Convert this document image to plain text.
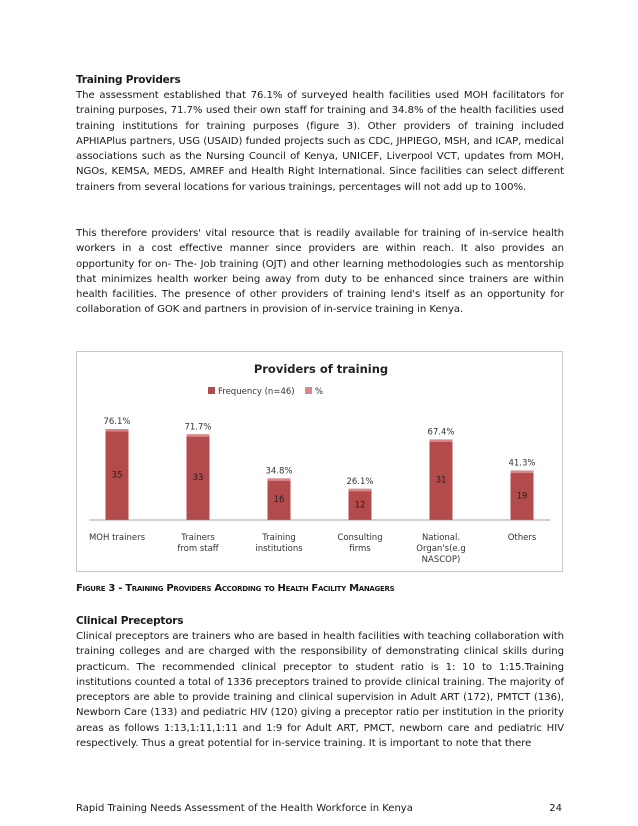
Training Providers
The assessment established that 76.1% of surveyed health facilities used MOH facilitators for training purposes, 71.7% used their own staff for training and 34.8% of the health facilities used training institutions for training purposes (figure 3). Other providers of training included APHIAPlus partners, USG (USAID) funded projects such as CDC, JHPIEGO, MSH, and ICAP, medical associations such as the Nursing Council of Kenya, UNICEF, Liverpool VCT, updates from MOH, NGOs, KEMSA, MEDS, AMREF and Health Right International. Since facilities can select different trainers from several locations for various trainings, percentages will not add up to 100%.
This therefore providers' vital resource that is readily available for training of in-service health workers in a cost effective manner since providers are within reach. It also provides an opportunity for on- The- Job training (OJT) and other learning methodologies such as mentorship that minimizes health worker being away from duty to be enhanced since trainers are within health facilities. The presence of other providers of training lend's itself as an opportunity for collaboration of GOK and partners in provision of in-service training in Kenya.
Providers of training
Frequency (n=46) %
76.1%
35
71.7%
33
34.8%
16
26.1%
12
67.4%
31
41.3%
19
MOH trainers	Trainers from staff
Training institutions
Consulting firms
National. Organ's(e.g NASCOP)
Others
Figure 3 - Training Providers According to Health Facility Managers
Clinical Preceptors
Clinical preceptors are trainers who are based in health facilities with teaching collaboration with training colleges and are charged with the responsibility of demonstrating clinical skills during practicum. The recommended clinical preceptor to student ratio is 1: 10 to 1:15.Training institutions counted a total of 1336 preceptors trained to provide clinical training. The majority of preceptors are able to provide training and clinical supervision in Adult ART (172), PMTCT (136), Newborn Care (133) and pediatric HIV (120) giving a preceptor ratio per institution in the priority areas as follows 1:13,1:11,1:11 and 1:9 for Adult ART, PMCT, newborn care and pediatric HIV respectively. Thus a great potential for in-service training. It is important to note that there
Rapid Training Needs Assessment of the Health Workforce in Kenya	24
